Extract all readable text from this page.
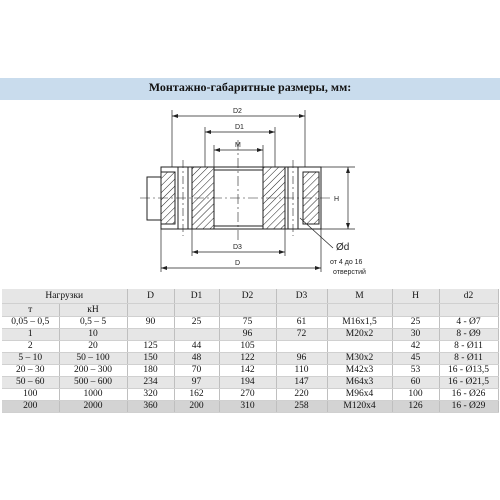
Монтажно-габаритные размеры, мм:
D2
D1
M
H
D3
D
Ød
от 4 до 16
отверстий
Нагрузки		D	D1	D2	D3	M	H	d2
т	кН							
0,05 – 0,5	0,5 – 5	90	25	75	61	M16x1,5	25	4 - Ø7
1	10			96	72	M20x2	30	8 - Ø9
2	20	125	44	105			42	8 - Ø11
5 – 10	50 – 100	150	48	122	96	M30x2	45	8 - Ø11
20 – 30	200 – 300	180	70	142	110	M42x3	53	16 - Ø13,5
50 – 60	500 – 600	234	97	194	147	M64x3	60	16 - Ø21,5
100	1000	320	162	270	220	M96x4	100	16 - Ø26
200	2000	360	200	310	258	M120x4	126	16 - Ø29
